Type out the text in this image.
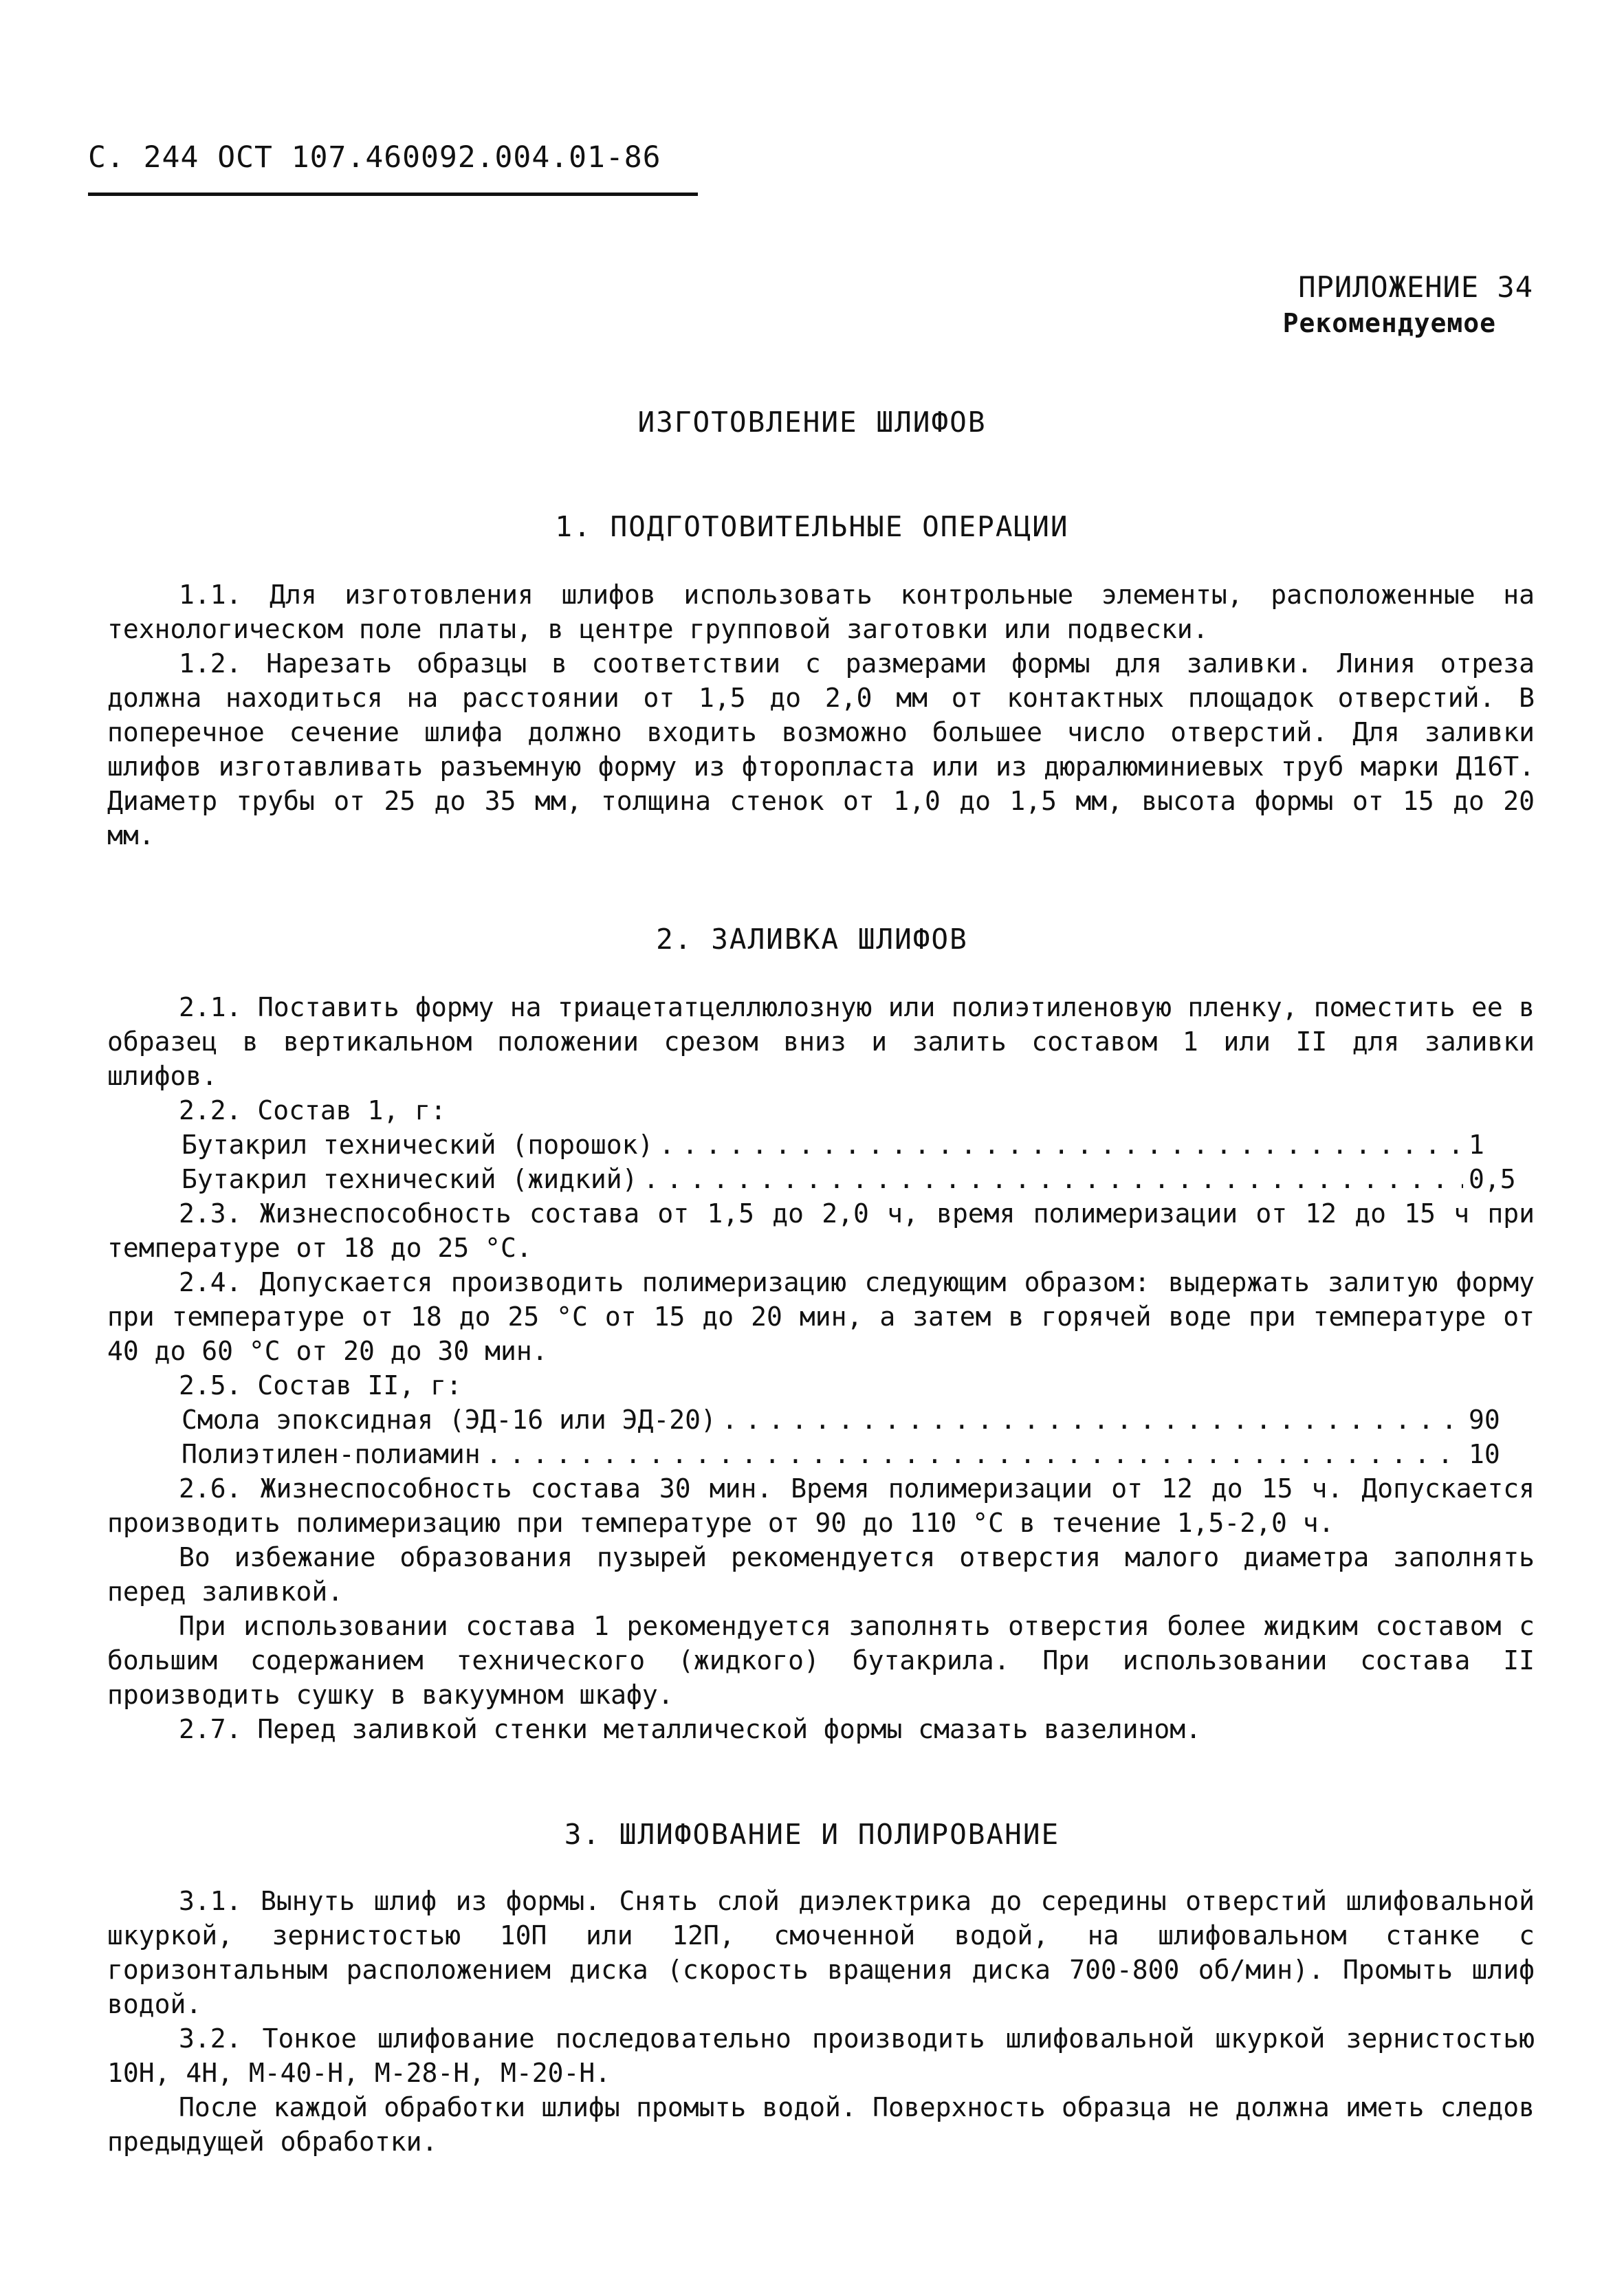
С. 244 ОСТ 107.460092.004.01-86
ПРИЛОЖЕНИЕ 34
Рекомендуемое
ИЗГОТОВЛЕНИЕ ШЛИФОВ
1. ПОДГОТОВИТЕЛЬНЫЕ ОПЕРАЦИИ

1.1. Для изготовления шлифов использовать контрольные элементы, расположенные на технологическом поле платы, в центре групповой заготовки или подвески.

1.2. Нарезать образцы в соответствии с размерами формы для заливки. Линия отреза должна находиться на расстоянии от 1,5 до 2,0 мм от контактных площадок отверстий. В поперечное сечение шлифа должно входить возможно большее число отверстий. Для заливки шлифов изготавливать разъемную форму из фторопласта или из дюралюминиевых труб марки Д16Т. Диаметр трубы от 25 до 35 мм, толщина стенок от 1,0 до 1,5 мм, высота формы от 15 до 20 мм.

2. ЗАЛИВКА ШЛИФОВ

2.1. Поставить форму на триацетатцеллюлозную или полиэтиленовую пленку, поместить ее в образец в вертикальном положении срезом вниз и залить составом 1 или II для заливки шлифов.

2.2. Состав 1, г:

Бутакрил технический (порошок) . . .	1
Бутакрил технический (жидкий) . . .	0,5

2.3. Жизнеспособность состава от 1,5 до 2,0 ч, время полимеризации от 12 до 15 ч при температуре от 18 до 25 °С.

2.4. Допускается производить полимеризацию следующим образом: выдержать залитую форму при температуре от 18 до 25 °С от 15 до 20 мин, а затем в горячей воде при температуре от 40 до 60 °С от 20 до 30 мин.

2.5. Состав II, г:

Смола эпоксидная (ЭД-16 или ЭД-20) . . .	90
Полиэтилен-полиамин . . .	10

2.6. Жизнеспособность состава 30 мин. Время полимеризации от 12 до 15 ч. Допускается производить полимеризацию при температуре от 90 до 110 °С в течение 1,5-2,0 ч.

Во избежание образования пузырей рекомендуется отверстия малого диаметра заполнять перед заливкой.

При использовании состава 1 рекомендуется заполнять отверстия более жидким составом с большим содержанием технического (жидкого) бутакрила. При использовании состава II производить сушку в вакуумном шкафу.

2.7. Перед заливкой стенки металлической формы смазать вазелином.

3. ШЛИФОВАНИЕ И ПОЛИРОВАНИЕ

3.1. Вынуть шлиф из формы. Снять слой диэлектрика до середины отверстий шлифовальной шкуркой, зернистостью 10П или 12П, смоченной водой, на шлифовальном станке с горизонтальным расположением диска (скорость вращения диска 700-800 об/мин). Промыть шлиф водой.

3.2. Тонкое шлифование последовательно производить шлифовальной шкуркой зернистостью 10Н, 4Н, М-40-Н, М-28-Н, М-20-Н.

После каждой обработки шлифы промыть водой. Поверхность образца не должна иметь следов предыдущей обработки.
